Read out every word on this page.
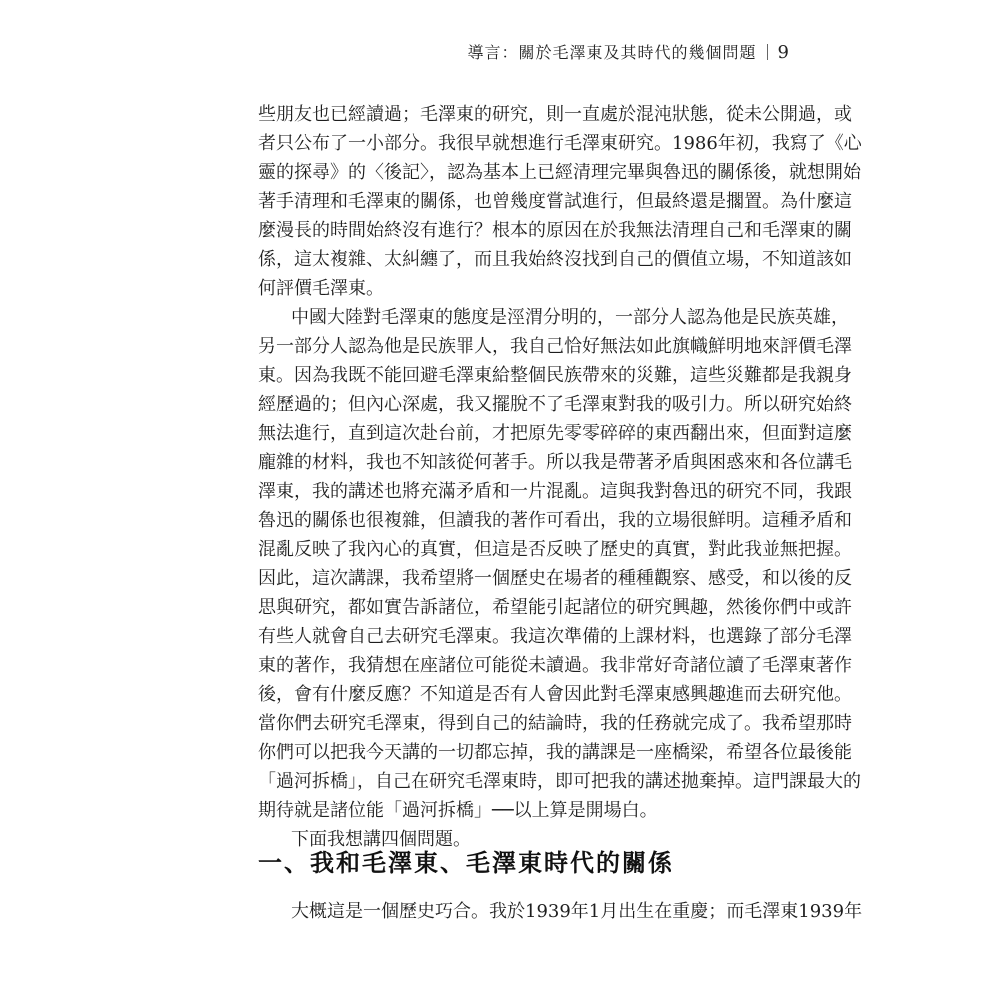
導言：關於毛澤東及其時代的幾個問題 9
些朋友也已經讀過；毛澤東的研究，則一直處於混沌狀態，從未公開過，或
者只公布了一小部分。我很早就想進行毛澤東研究。1986年初，我寫了《心
靈的探尋》的〈後記〉，認為基本上已經清理完畢與魯迅的關係後，就想開始
著手清理和毛澤東的關係，也曾幾度嘗試進行，但最終還是擱置。為什麼這
麼漫長的時間始終沒有進行？根本的原因在於我無法清理自己和毛澤東的關
係，這太複雜、太糾纏了，而且我始終沒找到自己的價值立場，不知道該如
何評價毛澤東。
中國大陸對毛澤東的態度是涇渭分明的，一部分人認為他是民族英雄，
另一部分人認為他是民族罪人，我自己恰好無法如此旗幟鮮明地來評價毛澤
東。因為我既不能回避毛澤東給整個民族帶來的災難，這些災難都是我親身
經歷過的；但內心深處，我又擺脫不了毛澤東對我的吸引力。所以研究始終
無法進行，直到這次赴台前，才把原先零零碎碎的東西翻出來，但面對這麼
龐雜的材料，我也不知該從何著手。所以我是帶著矛盾與困惑來和各位講毛
澤東，我的講述也將充滿矛盾和一片混亂。這與我對魯迅的研究不同，我跟
魯迅的關係也很複雜，但讀我的著作可看出，我的立場很鮮明。這種矛盾和
混亂反映了我內心的真實，但這是否反映了歷史的真實，對此我並無把握。
因此，這次講課，我希望將一個歷史在場者的種種觀察、感受，和以後的反
思與研究，都如實告訴諸位，希望能引起諸位的研究興趣，然後你們中或許
有些人就會自己去研究毛澤東。我這次準備的上課材料，也選錄了部分毛澤
東的著作，我猜想在座諸位可能從未讀過。我非常好奇諸位讀了毛澤東著作
後，會有什麼反應？不知道是否有人會因此對毛澤東感興趣進而去研究他。
當你們去研究毛澤東，得到自己的結論時，我的任務就完成了。我希望那時
你們可以把我今天講的一切都忘掉，我的講課是一座橋梁，希望各位最後能
「過河拆橋」，自己在研究毛澤東時，即可把我的講述拋棄掉。這門課最大的
期待就是諸位能「過河拆橋」──以上算是開場白。
下面我想講四個問題。
一、我和毛澤東、毛澤東時代的關係
大概這是一個歷史巧合。我於1939年1月出生在重慶；而毛澤東1939年
